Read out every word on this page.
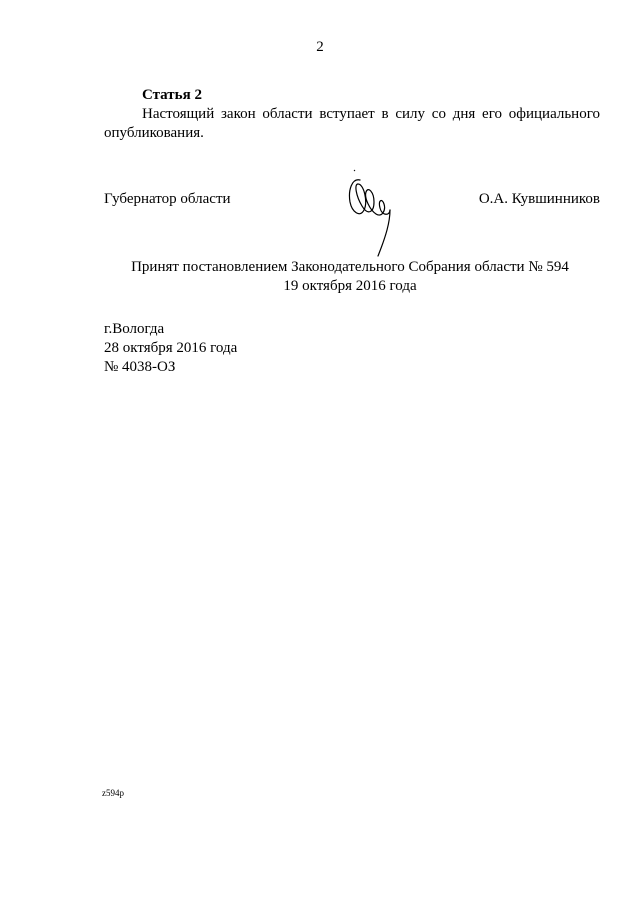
2
Статья 2

Настоящий закон области вступает в силу со дня его официального опубликования.

Губернатор области	О.А. Кувшинников
Принят постановлением Законодательного Собрания области № 594
19 октября 2016 года
г.Вологда
28 октября 2016 года
№ 4038-ОЗ
z594p
